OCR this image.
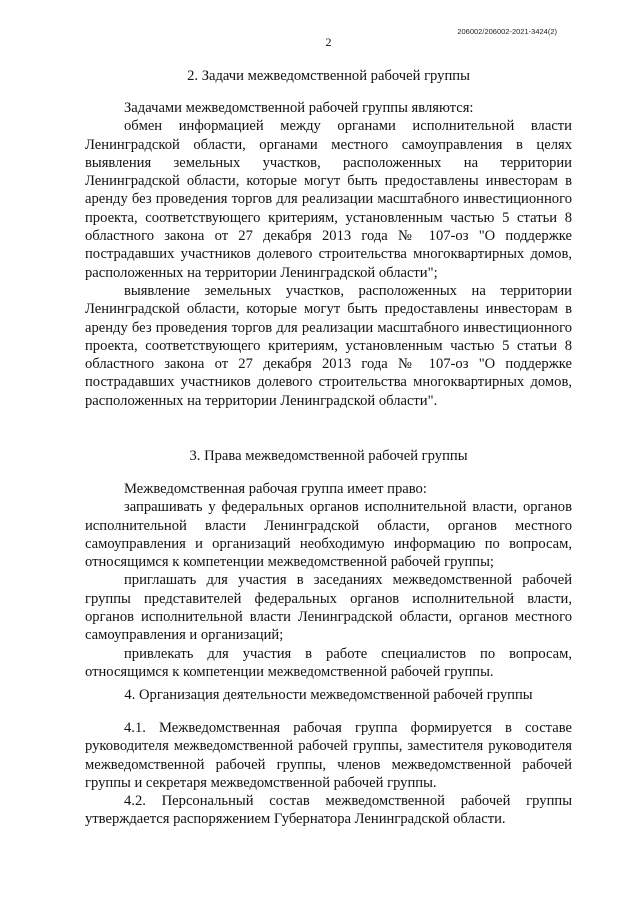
206002/206002-2021-3424(2)
2
2. Задачи межведомственной рабочей группы

Задачами межведомственной рабочей группы являются:

обмен информацией между органами исполнительной власти Ленинградской области, органами местного самоуправления в целях выявления земельных участков, расположенных на территории Ленинградской области, которые могут быть предоставлены инвесторам в аренду без проведения торгов для реализации масштабного инвестиционного проекта, соответствующего критериям, установленным частью 5 статьи 8 областного закона от 27 декабря 2013 года № 107-оз "О поддержке пострадавших участников долевого строительства многоквартирных домов, расположенных на территории Ленинградской области";

выявление земельных участков, расположенных на территории Ленинградской области, которые могут быть предоставлены инвесторам в аренду без проведения торгов для реализации масштабного инвестиционного проекта, соответствующего критериям, установленным частью 5 статьи 8 областного закона от 27 декабря 2013 года № 107-оз "О поддержке пострадавших участников долевого строительства многоквартирных домов, расположенных на территории Ленинградской области".

3. Права межведомственной рабочей группы

Межведомственная рабочая группа имеет право:

запрашивать у федеральных органов исполнительной власти, органов исполнительной власти Ленинградской области, органов местного самоуправления и организаций необходимую информацию по вопросам, относящимся к компетенции межведомственной рабочей группы;

приглашать для участия в заседаниях межведомственной рабочей группы представителей федеральных органов исполнительной власти, органов исполнительной власти Ленинградской области, органов местного самоуправления и организаций;

привлекать для участия в работе специалистов по вопросам, относящимся к компетенции межведомственной рабочей группы.

4. Организация деятельности межведомственной рабочей группы

4.1. Межведомственная рабочая группа формируется в составе руководителя межведомственной рабочей группы, заместителя руководителя межведомственной рабочей группы, членов межведомственной рабочей группы и секретаря межведомственной рабочей группы.

4.2. Персональный состав межведомственной рабочей группы утверждается распоряжением Губернатора Ленинградской области.
